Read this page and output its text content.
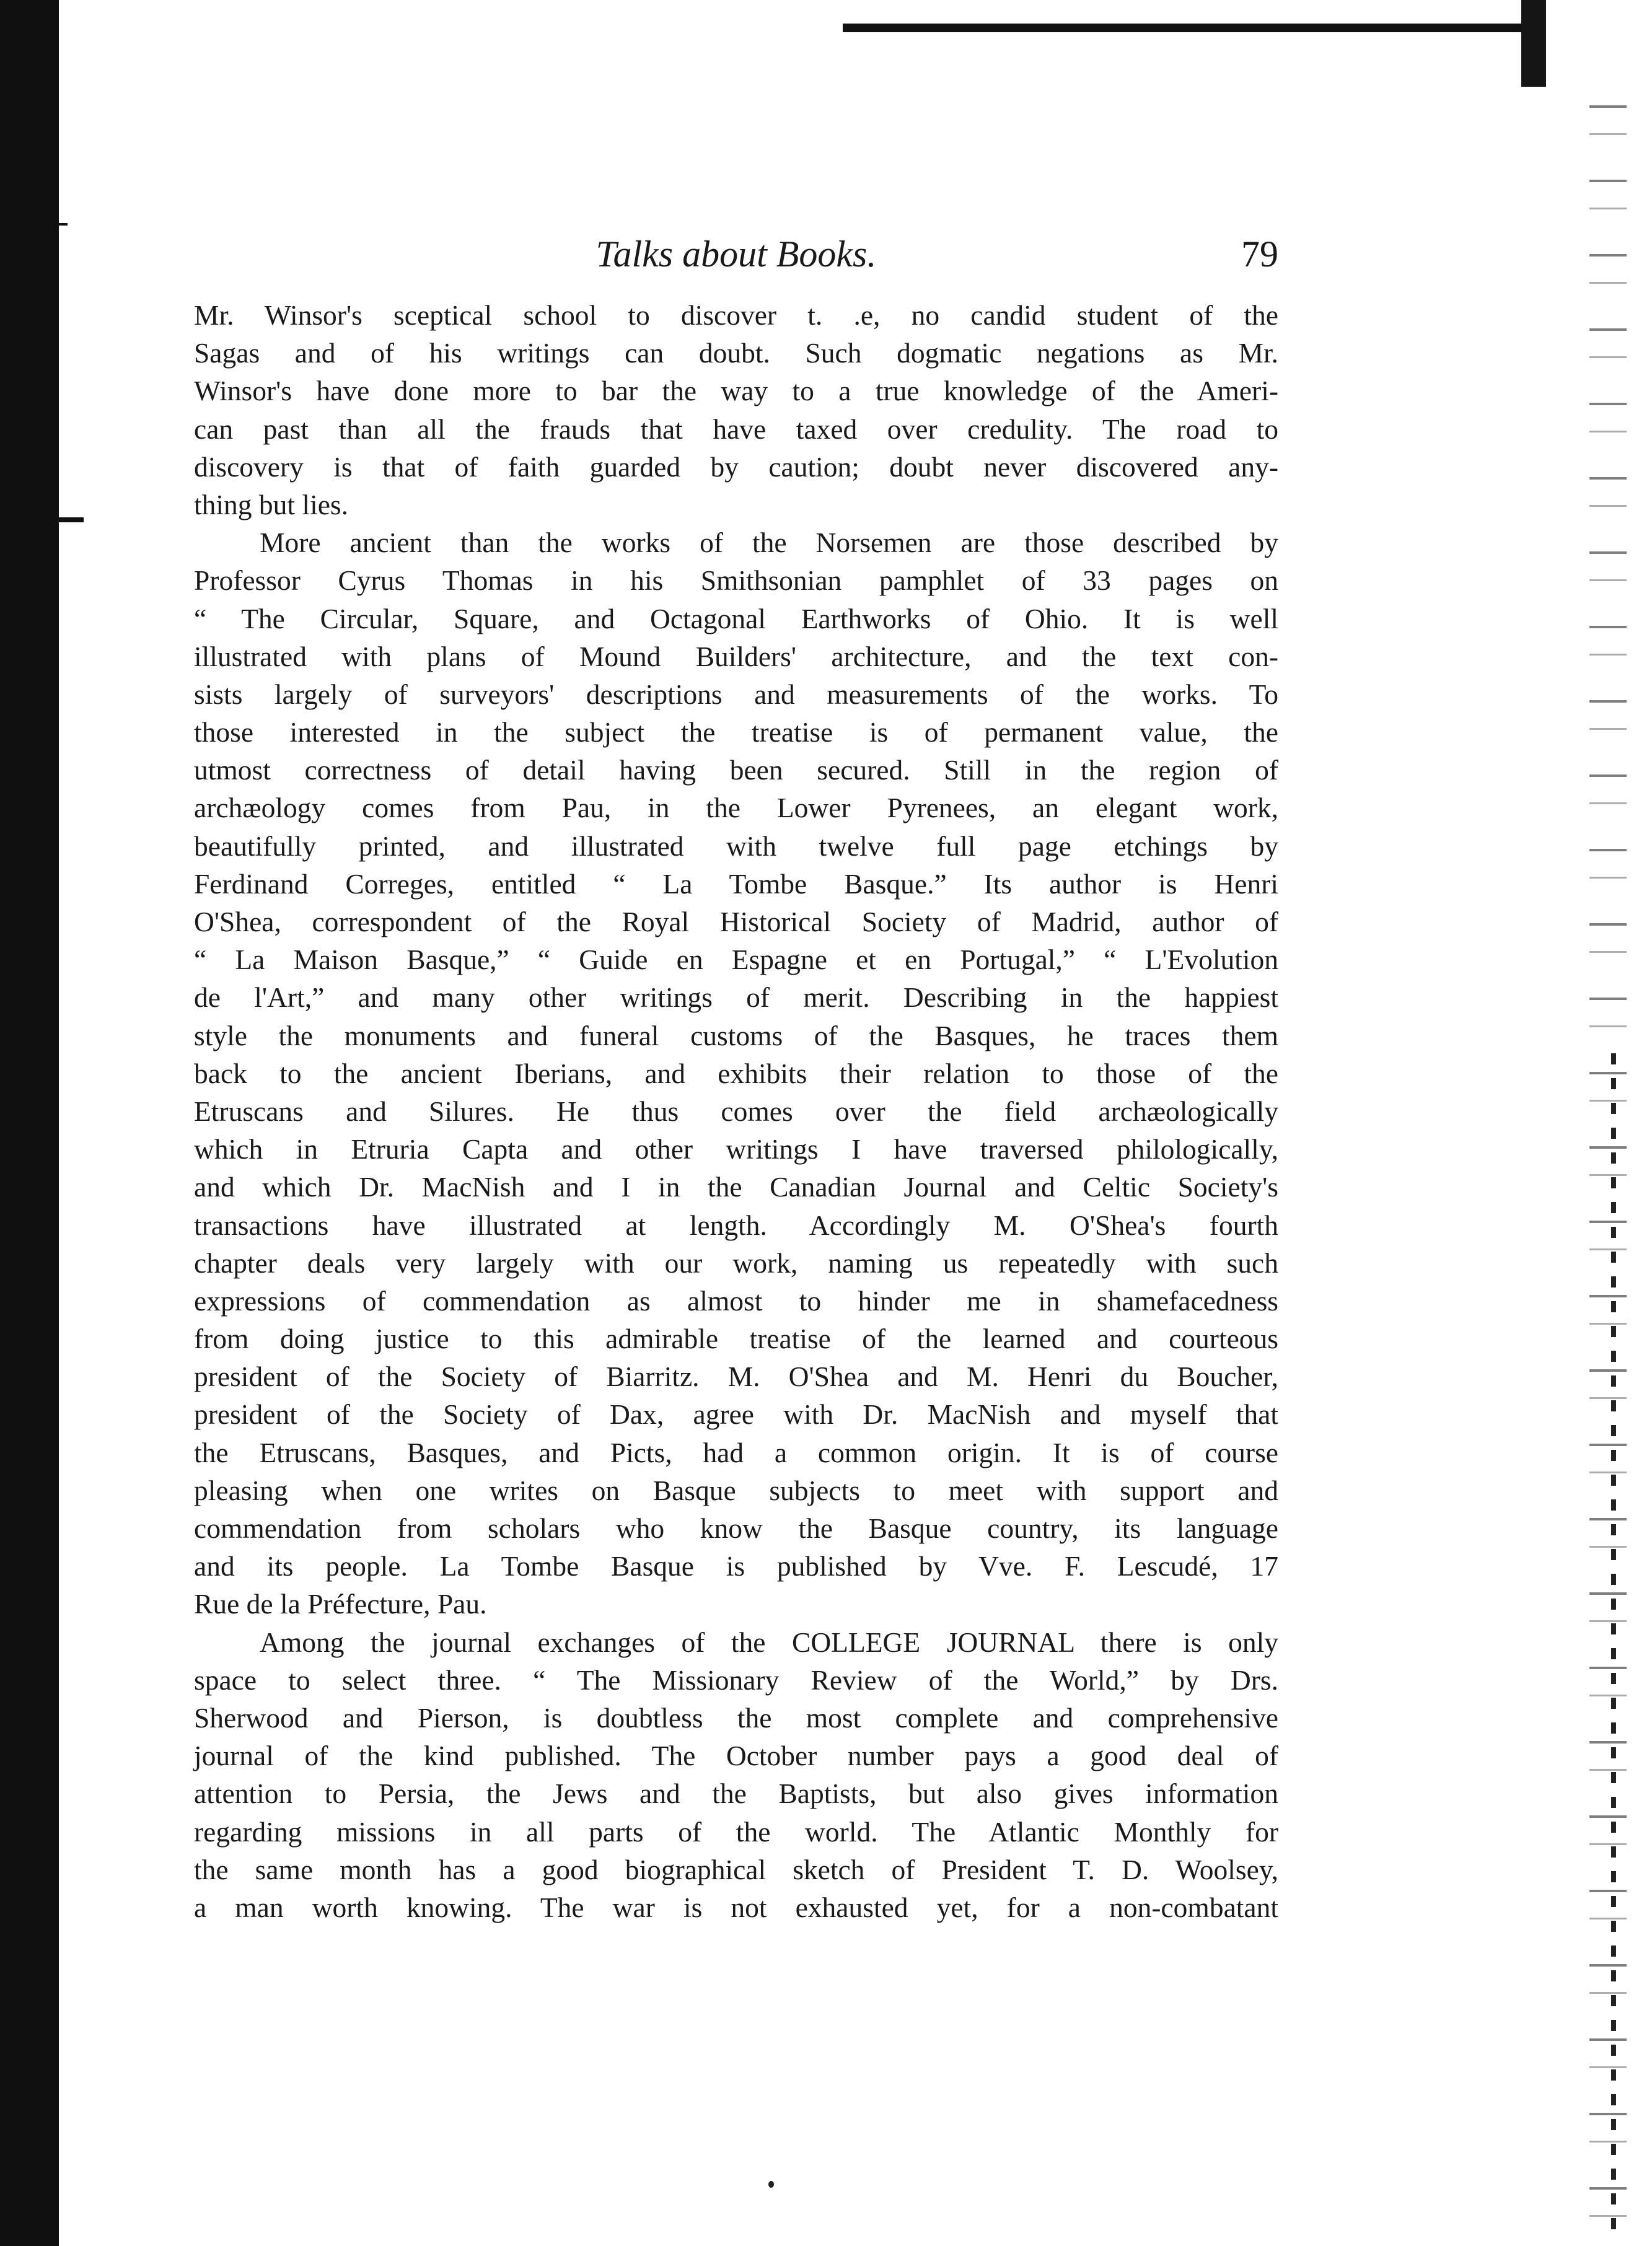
Talks about Books.	79
Mr. Winsor's sceptical school to discover t. .e, no candid student of the
Sagas and of his writings can doubt. Such dogmatic negations as Mr.
Winsor's have done more to bar the way to a true knowledge of the Ameri-
can past than all the frauds that have taxed over credulity. The road to
discovery is that of faith guarded by caution; doubt never discovered any-
thing but lies.
More ancient than the works of the Norsemen are those described by
Professor Cyrus Thomas in his Smithsonian pamphlet of 33 pages on
“ The Circular, Square, and Octagonal Earthworks of Ohio. It is well
illustrated with plans of Mound Builders' architecture, and the text con-
sists largely of surveyors' descriptions and measurements of the works. To
those interested in the subject the treatise is of permanent value, the
utmost correctness of detail having been secured. Still in the region of
archæology comes from Pau, in the Lower Pyrenees, an elegant work,
beautifully printed, and illustrated with twelve full page etchings by
Ferdinand Correges, entitled “ La Tombe Basque.” Its author is Henri
O'Shea, correspondent of the Royal Historical Society of Madrid, author of
“ La Maison Basque,” “ Guide en Espagne et en Portugal,” “ L'Evolution
de l'Art,” and many other writings of merit. Describing in the happiest
style the monuments and funeral customs of the Basques, he traces them
back to the ancient Iberians, and exhibits their relation to those of the
Etruscans and Silures. He thus comes over the field archæologically
which in Etruria Capta and other writings I have traversed philologically,
and which Dr. MacNish and I in the Canadian Journal and Celtic Society's
transactions have illustrated at length. Accordingly M. O'Shea's fourth
chapter deals very largely with our work, naming us repeatedly with such
expressions of commendation as almost to hinder me in shamefacedness
from doing justice to this admirable treatise of the learned and courteous
president of the Society of Biarritz. M. O'Shea and M. Henri du Boucher,
president of the Society of Dax, agree with Dr. MacNish and myself that
the Etruscans, Basques, and Picts, had a common origin. It is of course
pleasing when one writes on Basque subjects to meet with support and
commendation from scholars who know the Basque country, its language
and its people. La Tombe Basque is published by Vve. F. Lescudé, 17
Rue de la Préfecture, Pau.
Among the journal exchanges of the COLLEGE JOURNAL there is only
space to select three. “ The Missionary Review of the World,” by Drs.
Sherwood and Pierson, is doubtless the most complete and comprehensive
journal of the kind published. The October number pays a good deal of
attention to Persia, the Jews and the Baptists, but also gives information
regarding missions in all parts of the world. The Atlantic Monthly for
the same month has a good biographical sketch of President T. D. Woolsey,
a man worth knowing. The war is not exhausted yet, for a non-combatant
